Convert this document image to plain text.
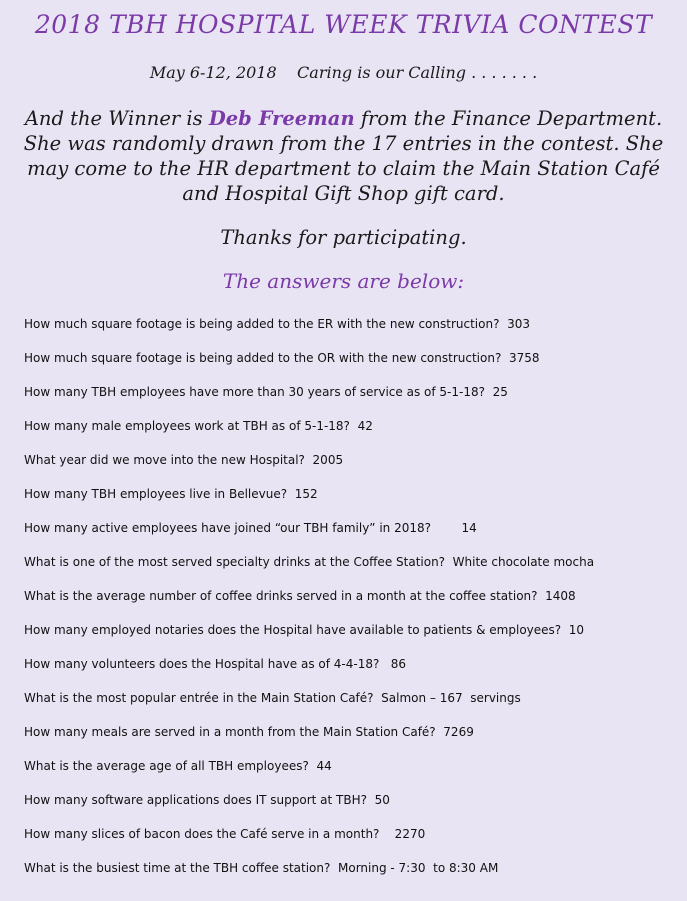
2018 TBH HOSPITAL WEEK TRIVIA CONTEST
May 6-12, 2018    Caring is our Calling . . . . . . .
And the Winner is Deb Freeman from the Finance Department. She was randomly drawn from the 17 entries in the contest. She may come to the HR department to claim the Main Station Café and Hospital Gift Shop gift card.
Thanks for participating.
The answers are below:
How much square footage is being added to the ER with the new construction?  303
How much square footage is being added to the OR with the new construction?  3758
How many TBH employees have more than 30 years of service as of 5-1-18?  25
How many male employees work at TBH as of 5-1-18?  42
What year did we move into the new Hospital?  2005
How many TBH employees live in Bellevue?  152
How many active employees have joined “our TBH family” in 2018?        14
What is one of the most served specialty drinks at the Coffee Station?  White chocolate mocha
What is the average number of coffee drinks served in a month at the coffee station?  1408
How many employed notaries does the Hospital have available to patients & employees?  10
How many volunteers does the Hospital have as of 4-4-18?   86
What is the most popular entrée in the Main Station Café?  Salmon – 167  servings
How many meals are served in a month from the Main Station Café?  7269
What is the average age of all TBH employees?  44
How many software applications does IT support at TBH?  50
How many slices of bacon does the Café serve in a month?    2270
What is the busiest time at the TBH coffee station?  Morning - 7:30  to 8:30 AM
